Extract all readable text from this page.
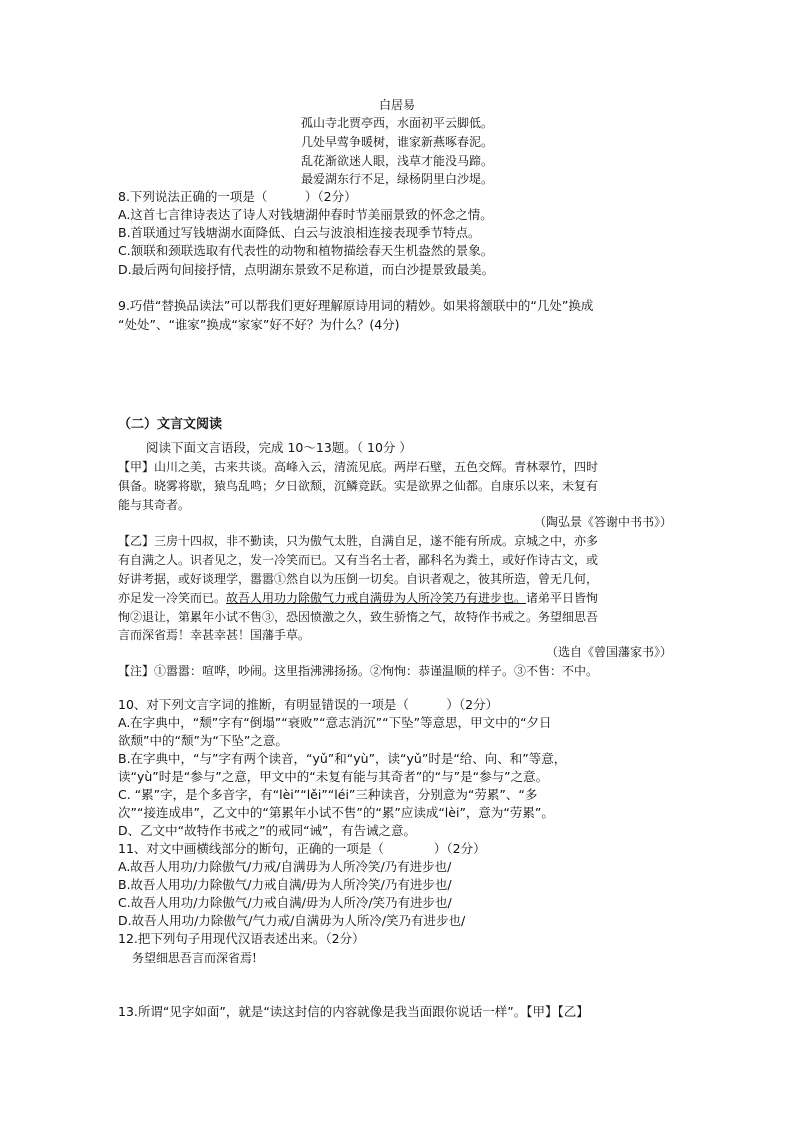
白居易
孤山寺北贾亭西，水面初平云脚低。
几处早莺争暖树，谁家新燕啄春泥。
乱花渐欲迷人眼，浅草才能没马蹄。
最爱湖东行不足，绿杨阴里白沙堤。
8.下列说法正确的一项是（　　　）（2分）
A.这首七言律诗表达了诗人对钱塘湖仲春时节美丽景致的怀念之情。
B.首联通过写钱塘湖水面降低、白云与波浪相连接表现季节特点。
C.颔联和颈联选取有代表性的动物和植物描绘春天生机盎然的景象。
D.最后两句间接抒情，点明湖东景致不足称道，而白沙提景致最美。
9.巧借“替换品读法”可以帮我们更好理解原诗用词的精妙。如果将颔联中的“几处”换成
“处处”、“谁家”换成“家家”好不好？为什么？(4分)
（二）文言文阅读
阅读下面文言语段，完成 10～13题。（ 10分 ）
【甲】山川之美，古来共谈。高峰入云，清流见底。两岸石壁，五色交辉。青林翠竹，四时
俱备。晓雾将歇，猿鸟乱鸣；夕日欲颓，沉鳞竞跃。实是欲界之仙都。自康乐以来，未复有
能与其奇者。
（陶弘景《答谢中书书》）
【乙】三房十四叔，非不勤读，只为傲气太胜，自满自足，遂不能有所成。京城之中，亦多
有自满之人。识者见之，发一冷笑而已。又有当名士者，鄙科名为粪土，或好作诗古文，或
好讲考据，或好谈理学，嚣嚣①然自以为压倒一切矣。自识者观之，彼其所造，曾无几何，
亦足发一冷笑而已。故吾人用功力除傲气力戒自满毋为人所冷笑乃有进步也。诸弟平日皆恂
恂②退让，第累年小试不售③，恐因愤激之久，致生骄惰之气，故特作书戒之。务望细思吾
言而深省焉！幸甚幸甚！国藩手草。
（选自《曾国藩家书》）
【注】①嚣嚣：喧哗，吵闹。这里指沸沸扬扬。②恂恂：恭谨温顺的样子。③不售：不中。
10、对下列文言字词的推断，有明显错误的一项是（　　　）（2分）
A.在字典中，“颓”字有“倒塌”“衰败”“意志消沉”“下坠”等意思，甲文中的“夕日
欲颓”中的“颓”为“下坠”之意。
B.在字典中，“与”字有两个读音，“yǔ”和“yù”，读“yǔ”时是“给、向、和”等意，
读“yù”时是“参与”之意，甲文中的“未复有能与其奇者”的“与”是“参与”之意。
C. “累”字，是个多音字，有“lèi”“lěi”“léi”三种读音，分别意为“劳累”、“多
次”“接连成串”，乙文中的“第累年小试不售”的“累”应读成“lèi”，意为“劳累”。
D、乙文中“故特作书戒之”的戒同“诫”，有告诫之意。
11、对文中画横线部分的断句，正确的一项是（　　　　）（2分）
A.故吾人用功/力除傲气/力戒/自满毋为人所冷笑/乃有进步也/
B.故吾人用功/力除傲气/力戒自满/毋为人所冷笑/乃有进步也/
C.故吾人用功/力除傲气/力戒自满/毋为人所冷/笑乃有进步也/
D.故吾人用功/力除傲气/气力戒/自满毋为人所冷/笑乃有进步也/
12.把下列句子用现代汉语表述出来。（2分）
务望细思吾言而深省焉!
13.所谓“见字如面”，就是“读这封信的内容就像是我当面跟你说话一样”。【甲】【乙】
